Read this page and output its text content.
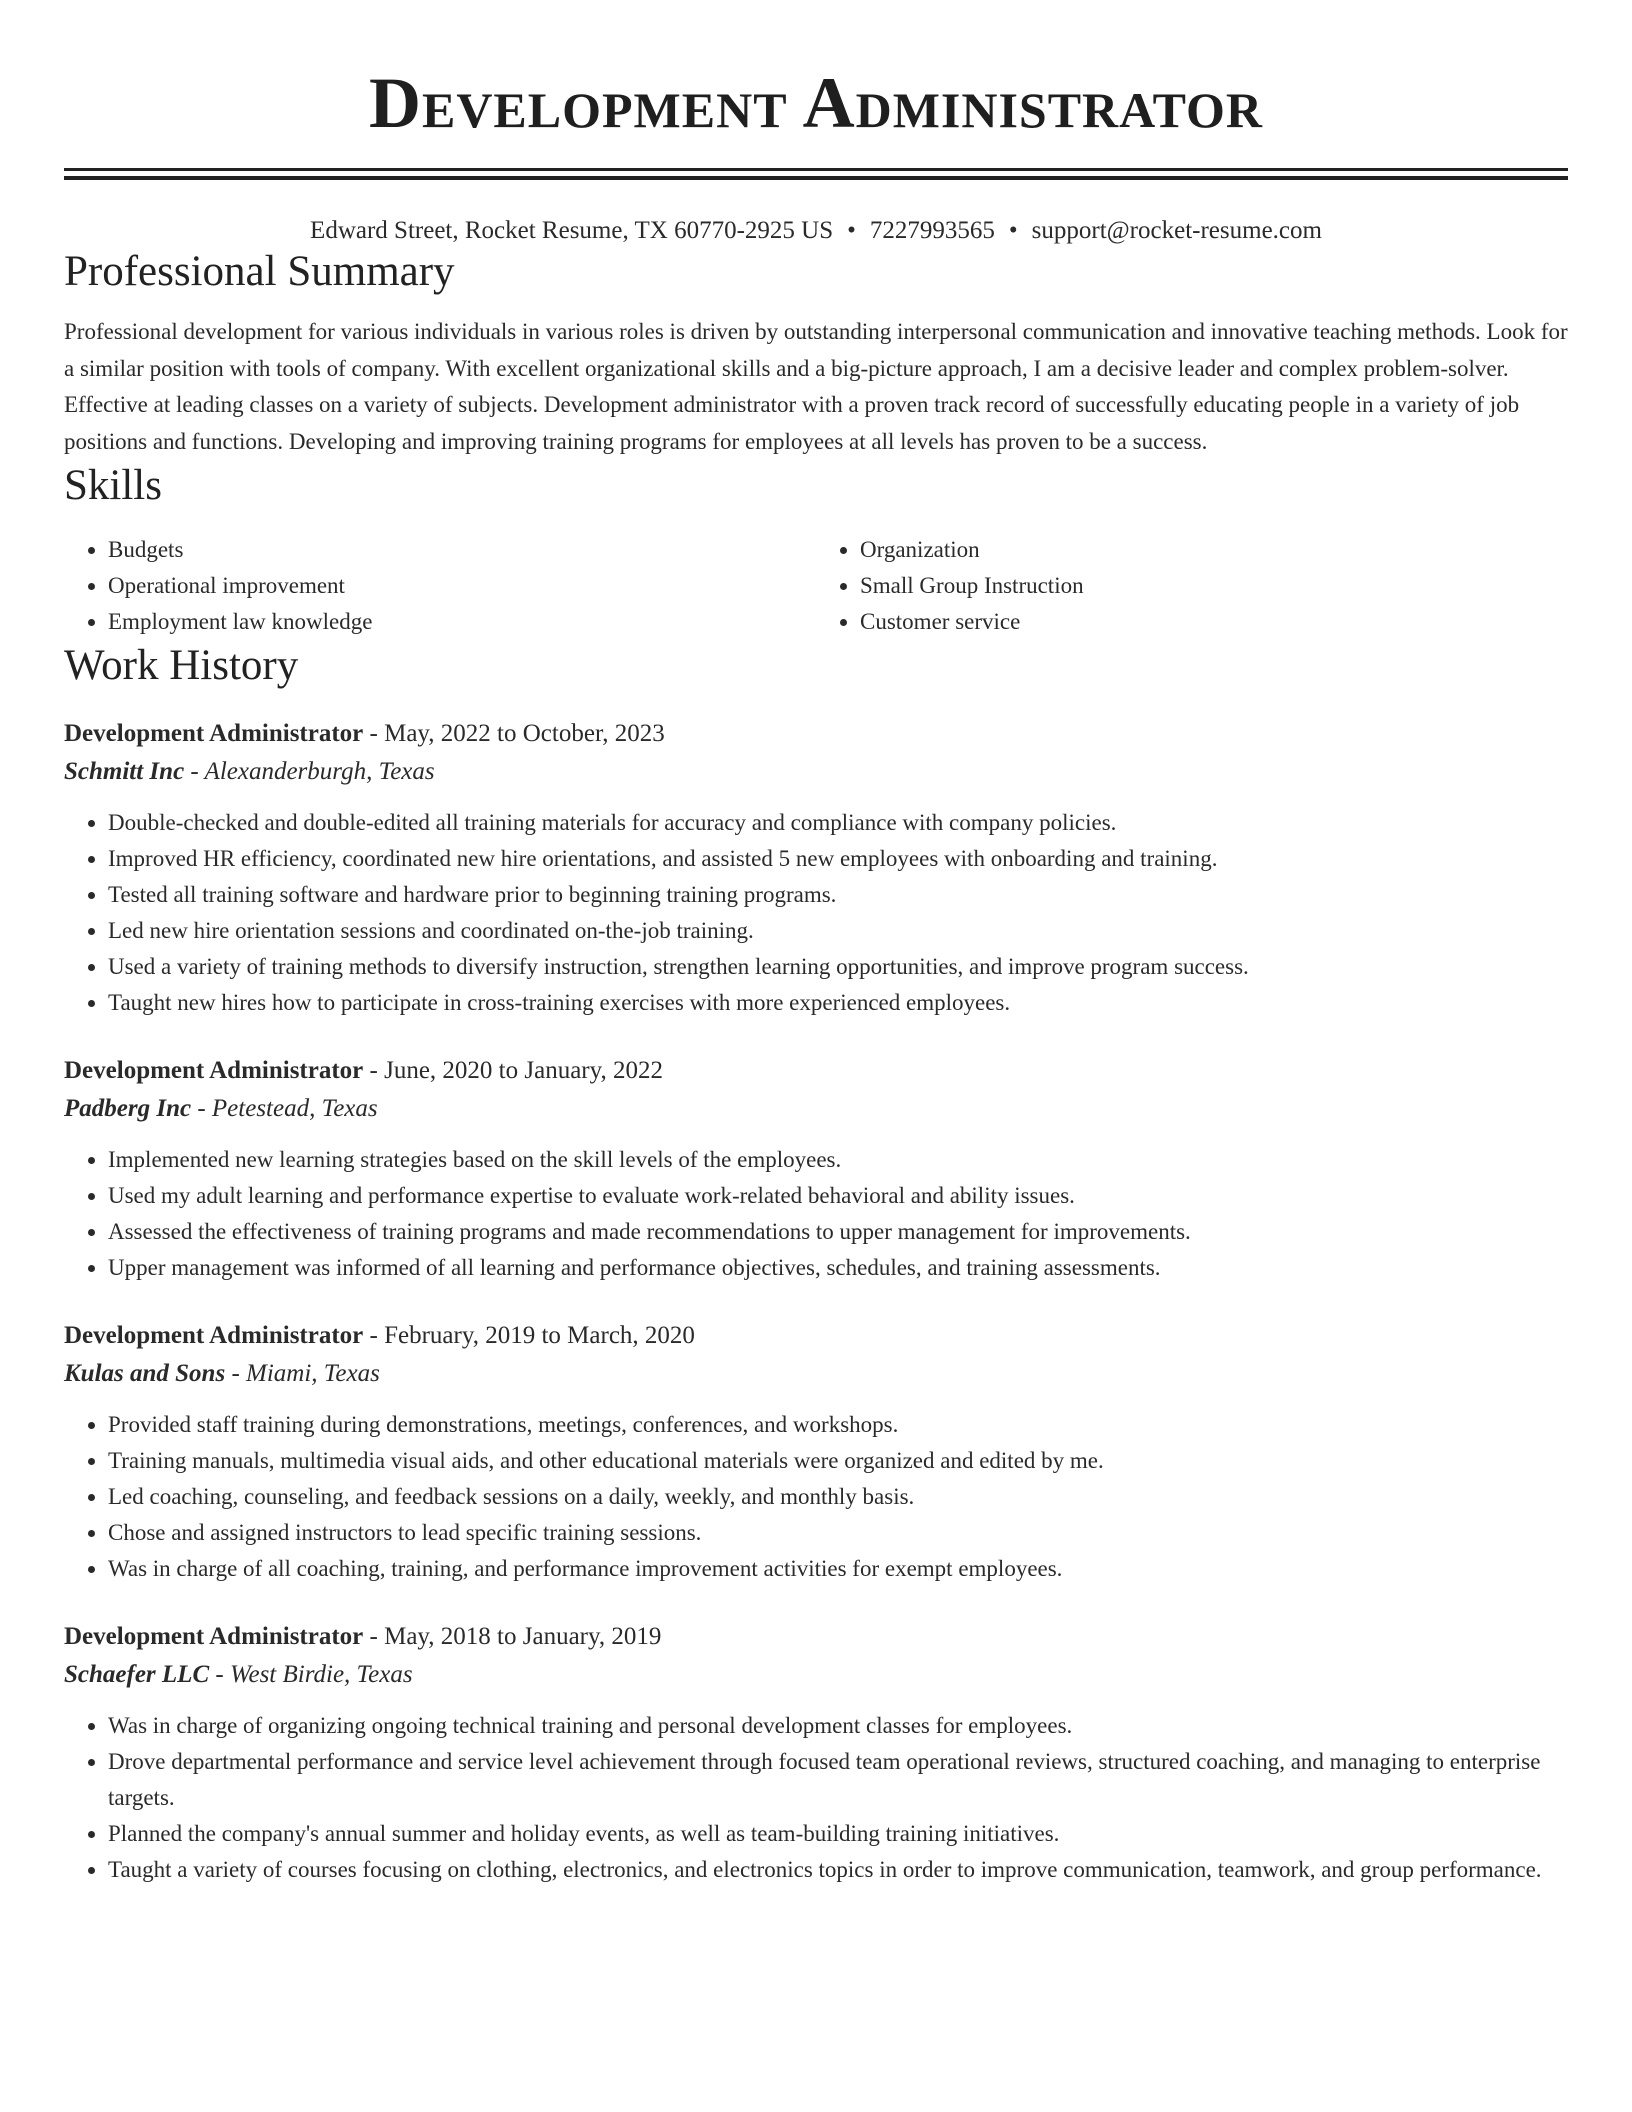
Development Administrator
Edward Street, Rocket Resume, TX 60770-2925 US • 7227993565 • support@rocket-resume.com
Professional Summary
Professional development for various individuals in various roles is driven by outstanding interpersonal communication and innovative teaching methods. Look for a similar position with tools of company. With excellent organizational skills and a big-picture approach, I am a decisive leader and complex problem-solver. Effective at leading classes on a variety of subjects. Development administrator with a proven track record of successfully educating people in a variety of job positions and functions. Developing and improving training programs for employees at all levels has proven to be a success.
Skills
• Budgets
• Operational improvement
• Employment law knowledge
• Organization
• Small Group Instruction
• Customer service
Work History
Development Administrator - May, 2022 to October, 2023
Schmitt Inc - Alexanderburgh, Texas
• Double-checked and double-edited all training materials for accuracy and compliance with company policies.
• Improved HR efficiency, coordinated new hire orientations, and assisted 5 new employees with onboarding and training.
• Tested all training software and hardware prior to beginning training programs.
• Led new hire orientation sessions and coordinated on-the-job training.
• Used a variety of training methods to diversify instruction, strengthen learning opportunities, and improve program success.
• Taught new hires how to participate in cross-training exercises with more experienced employees.
Development Administrator - June, 2020 to January, 2022
Padberg Inc - Petestead, Texas
• Implemented new learning strategies based on the skill levels of the employees.
• Used my adult learning and performance expertise to evaluate work-related behavioral and ability issues.
• Assessed the effectiveness of training programs and made recommendations to upper management for improvements.
• Upper management was informed of all learning and performance objectives, schedules, and training assessments.
Development Administrator - February, 2019 to March, 2020
Kulas and Sons - Miami, Texas
• Provided staff training during demonstrations, meetings, conferences, and workshops.
• Training manuals, multimedia visual aids, and other educational materials were organized and edited by me.
• Led coaching, counseling, and feedback sessions on a daily, weekly, and monthly basis.
• Chose and assigned instructors to lead specific training sessions.
• Was in charge of all coaching, training, and performance improvement activities for exempt employees.
Development Administrator - May, 2018 to January, 2019
Schaefer LLC - West Birdie, Texas
• Was in charge of organizing ongoing technical training and personal development classes for employees.
• Drove departmental performance and service level achievement through focused team operational reviews, structured coaching, and managing to enterprise targets.
• Planned the company's annual summer and holiday events, as well as team-building training initiatives.
• Taught a variety of courses focusing on clothing, electronics, and electronics topics in order to improve communication, teamwork, and group performance.
